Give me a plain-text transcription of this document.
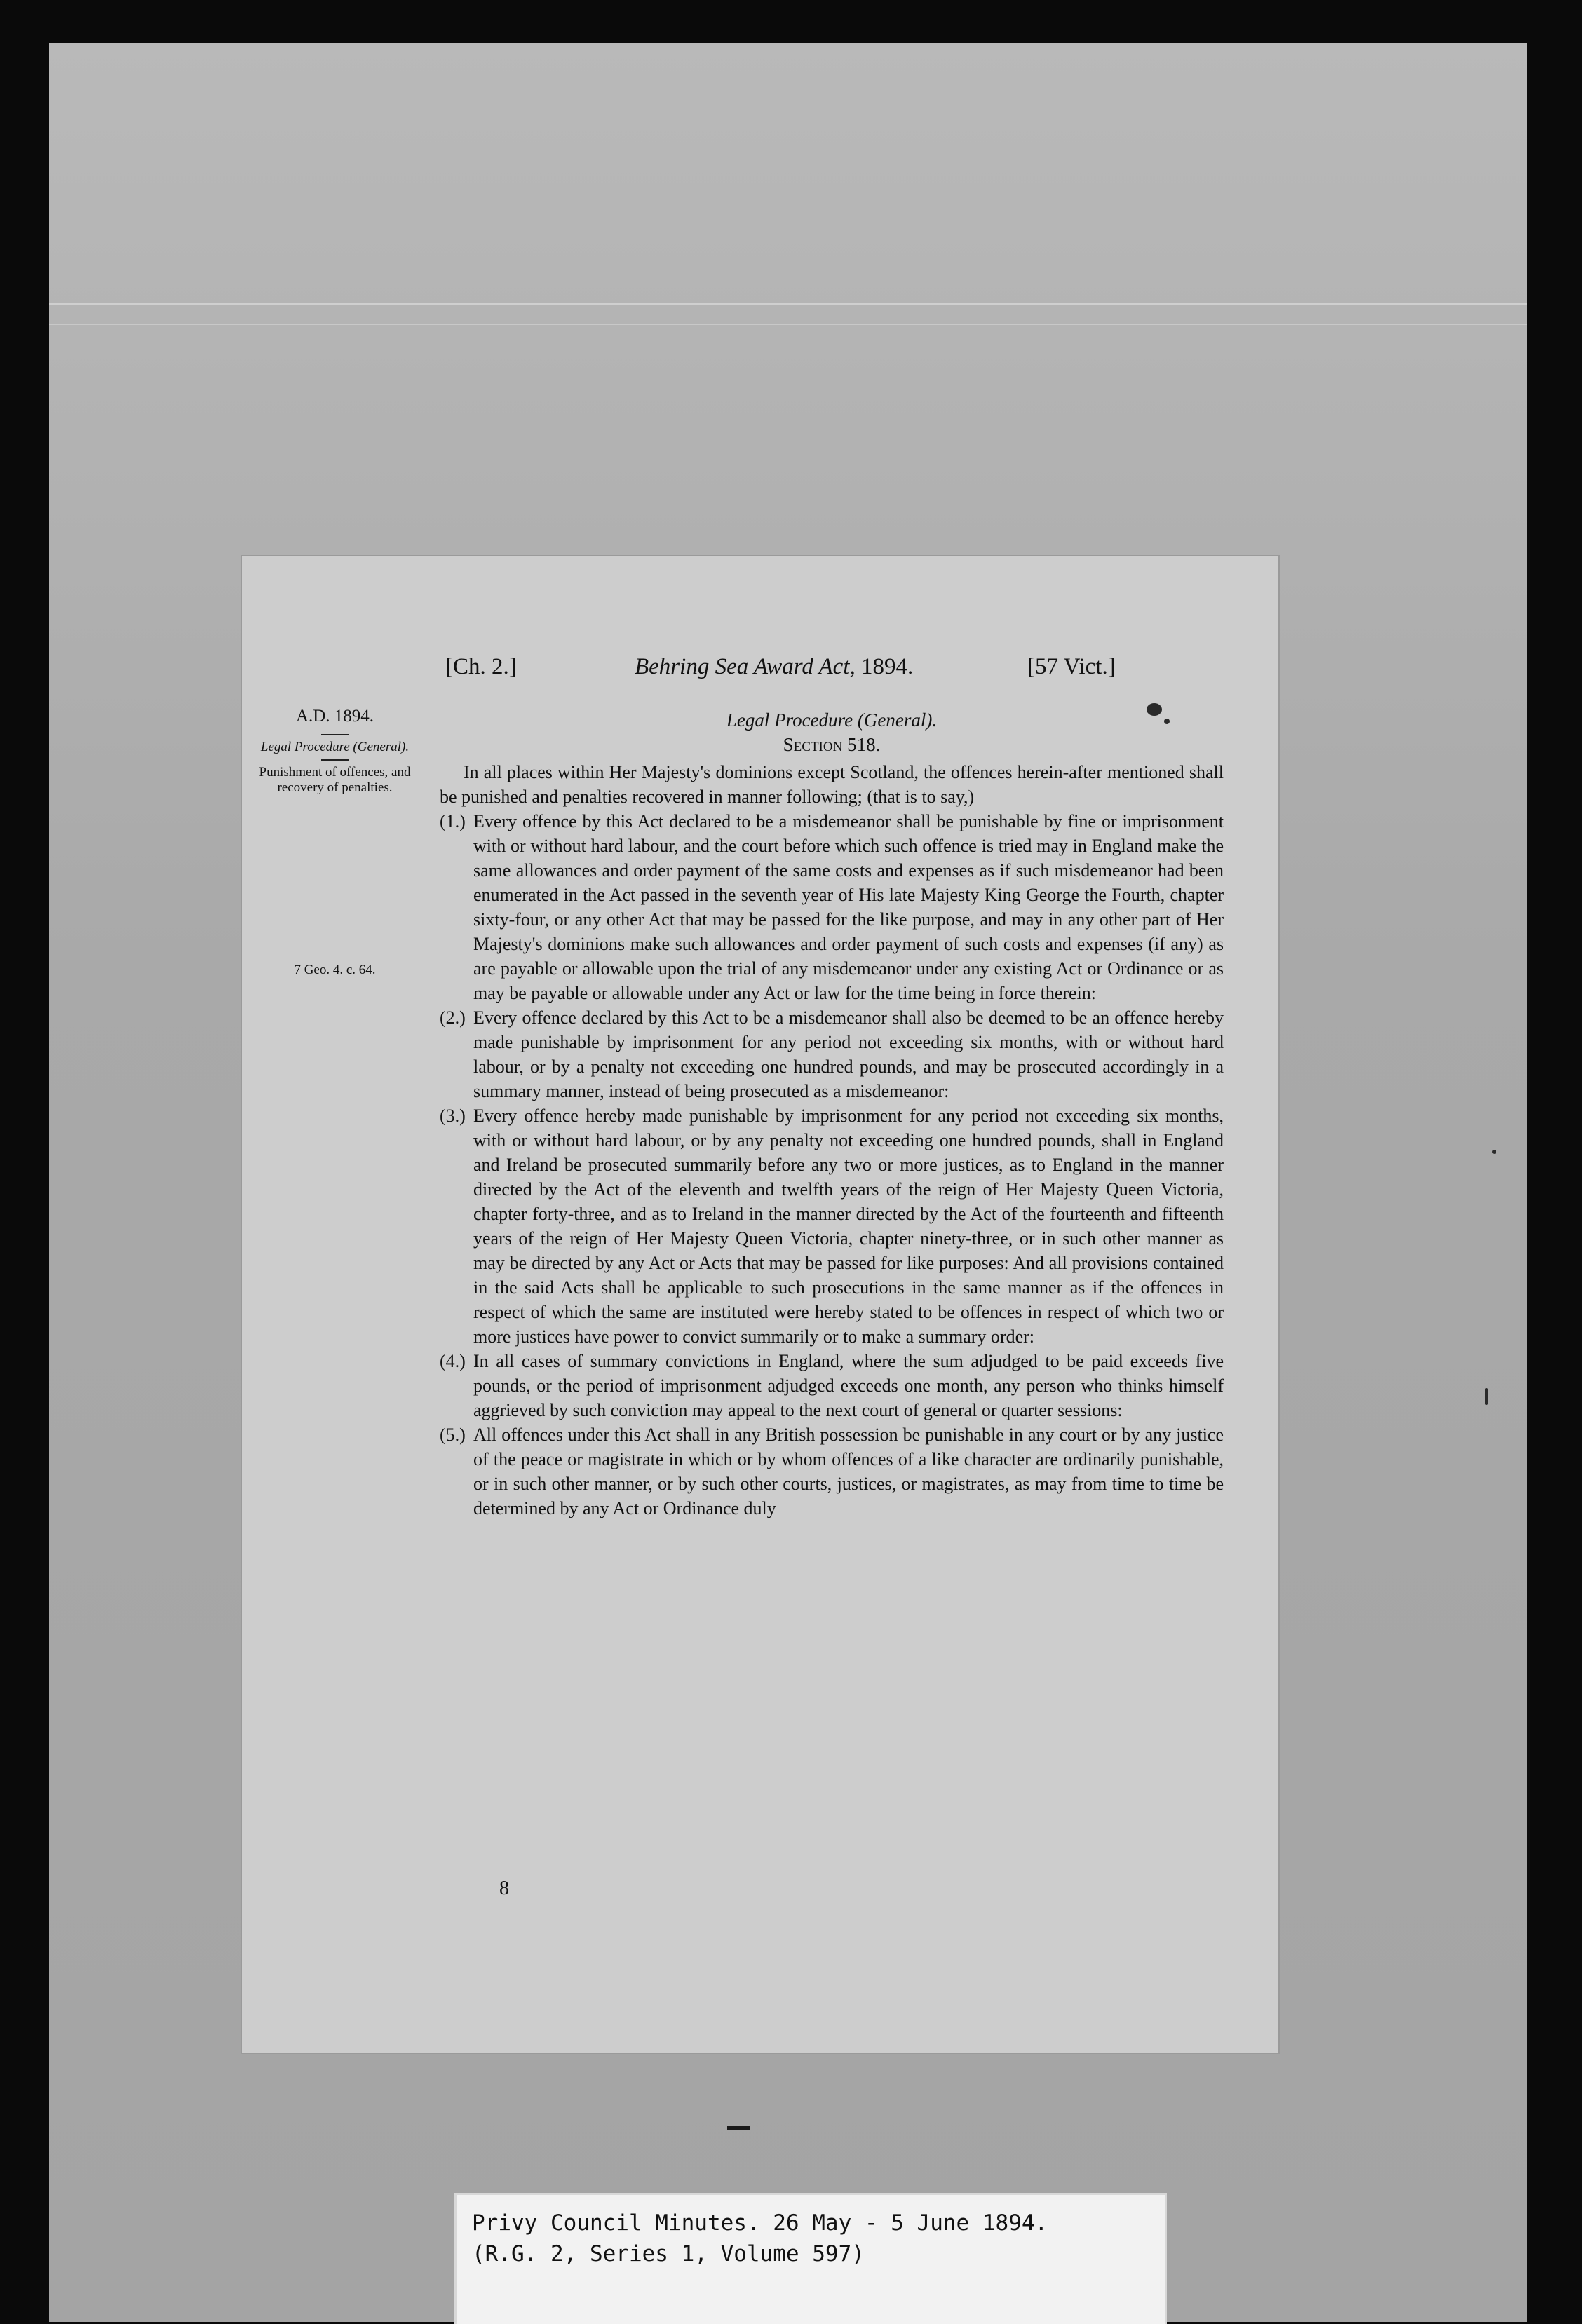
[Ch. 2.]	Behring Sea Award Act, 1894.	[57 Vict.]
A.D. 1894.
Legal Procedure (General).
Punishment of offences, and recovery of penalties.
7 Geo. 4. c. 64.

Legal Procedure (General).

Section 518.

In all places within Her Majesty's dominions except Scotland, the offences herein-after mentioned shall be punished and penalties recovered in manner following; (that is to say,)

(1.) Every offence by this Act declared to be a misdemeanor shall be punishable by fine or imprisonment with or without hard labour, and the court before which such offence is tried may in England make the same allowances and order payment of the same costs and expenses as if such misdemeanor had been enumerated in the Act passed in the seventh year of His late Majesty King George the Fourth, chapter sixty-four, or any other Act that may be passed for the like purpose, and may in any other part of Her Majesty's dominions make such allowances and order payment of such costs and expenses (if any) as are payable or allowable upon the trial of any misdemeanor under any existing Act or Ordinance or as may be payable or allowable under any Act or law for the time being in force therein:

(2.) Every offence declared by this Act to be a misdemeanor shall also be deemed to be an offence hereby made punishable by imprisonment for any period not exceeding six months, with or without hard labour, or by a penalty not exceeding one hundred pounds, and may be prosecuted accordingly in a summary manner, instead of being prosecuted as a misdemeanor:

(3.) Every offence hereby made punishable by imprisonment for any period not exceeding six months, with or without hard labour, or by any penalty not exceeding one hundred pounds, shall in England and Ireland be prosecuted summarily before any two or more justices, as to England in the manner directed by the Act of the eleventh and twelfth years of the reign of Her Majesty Queen Victoria, chapter forty-three, and as to Ireland in the manner directed by the Act of the fourteenth and fifteenth years of the reign of Her Majesty Queen Victoria, chapter ninety-three, or in such other manner as may be directed by any Act or Acts that may be passed for like purposes: And all provisions contained in the said Acts shall be applicable to such prosecutions in the same manner as if the offences in respect of which the same are instituted were hereby stated to be offences in respect of which two or more justices have power to convict summarily or to make a summary order:

(4.) In all cases of summary convictions in England, where the sum adjudged to be paid exceeds five pounds, or the period of imprisonment adjudged exceeds one month, any person who thinks himself aggrieved by such conviction may appeal to the next court of general or quarter sessions:

(5.) All offences under this Act shall in any British possession be punishable in any court or by any justice of the peace or magistrate in which or by whom offences of a like character are ordinarily punishable, or in such other manner, or by such other courts, justices, or magistrates, as may from time to time be determined by any Act or Ordinance duly

8
Privy Council Minutes. 26 May - 5 June 1894.
(R.G. 2, Series 1, Volume 597)
